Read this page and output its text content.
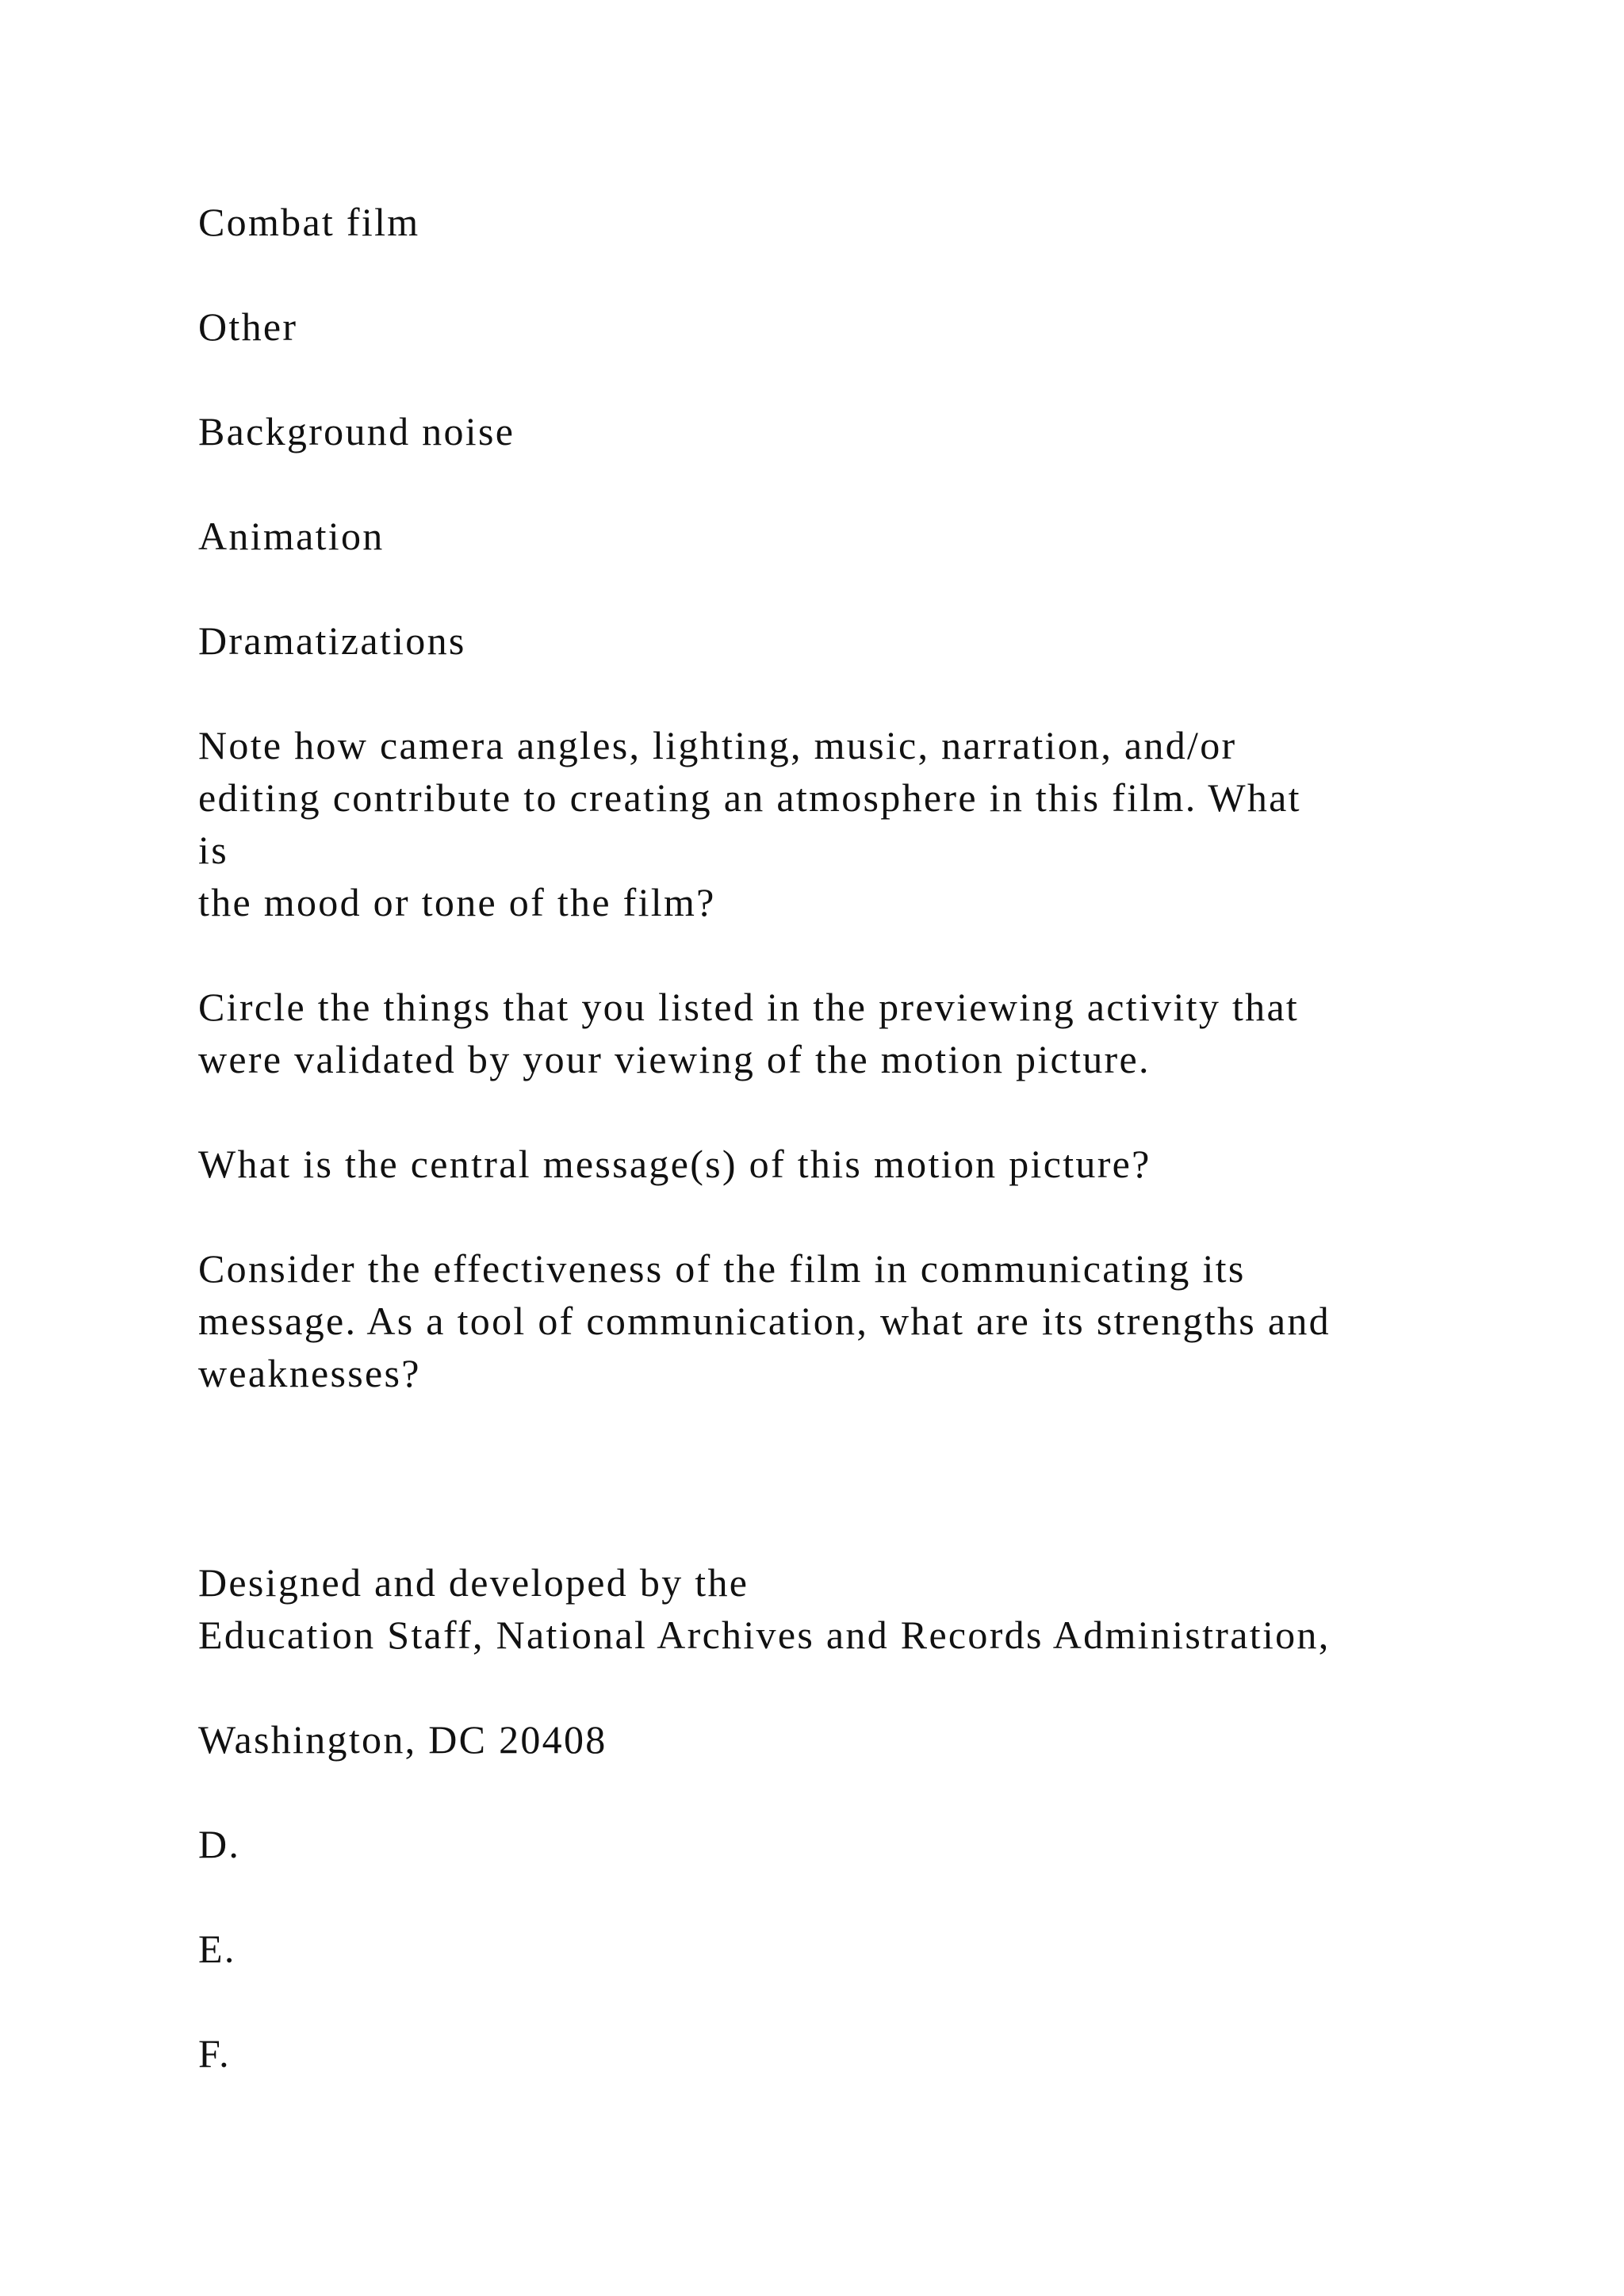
Combat film
Other
Background noise
Animation
Dramatizations
Note how camera angles, lighting, music, narration, and/or
editing contribute to creating an atmosphere in this film. What
is
the mood or tone of the film?
Circle the things that you listed in the previewing activity that
were validated by your viewing of the motion picture.
What is the central message(s) of this motion picture?
Consider the effectiveness of the film in communicating its
message. As a tool of communication, what are its strengths and
weaknesses?
Designed and developed by the
Education Staff, National Archives and Records Administration,
Washington, DC 20408
D.
E.
F.
